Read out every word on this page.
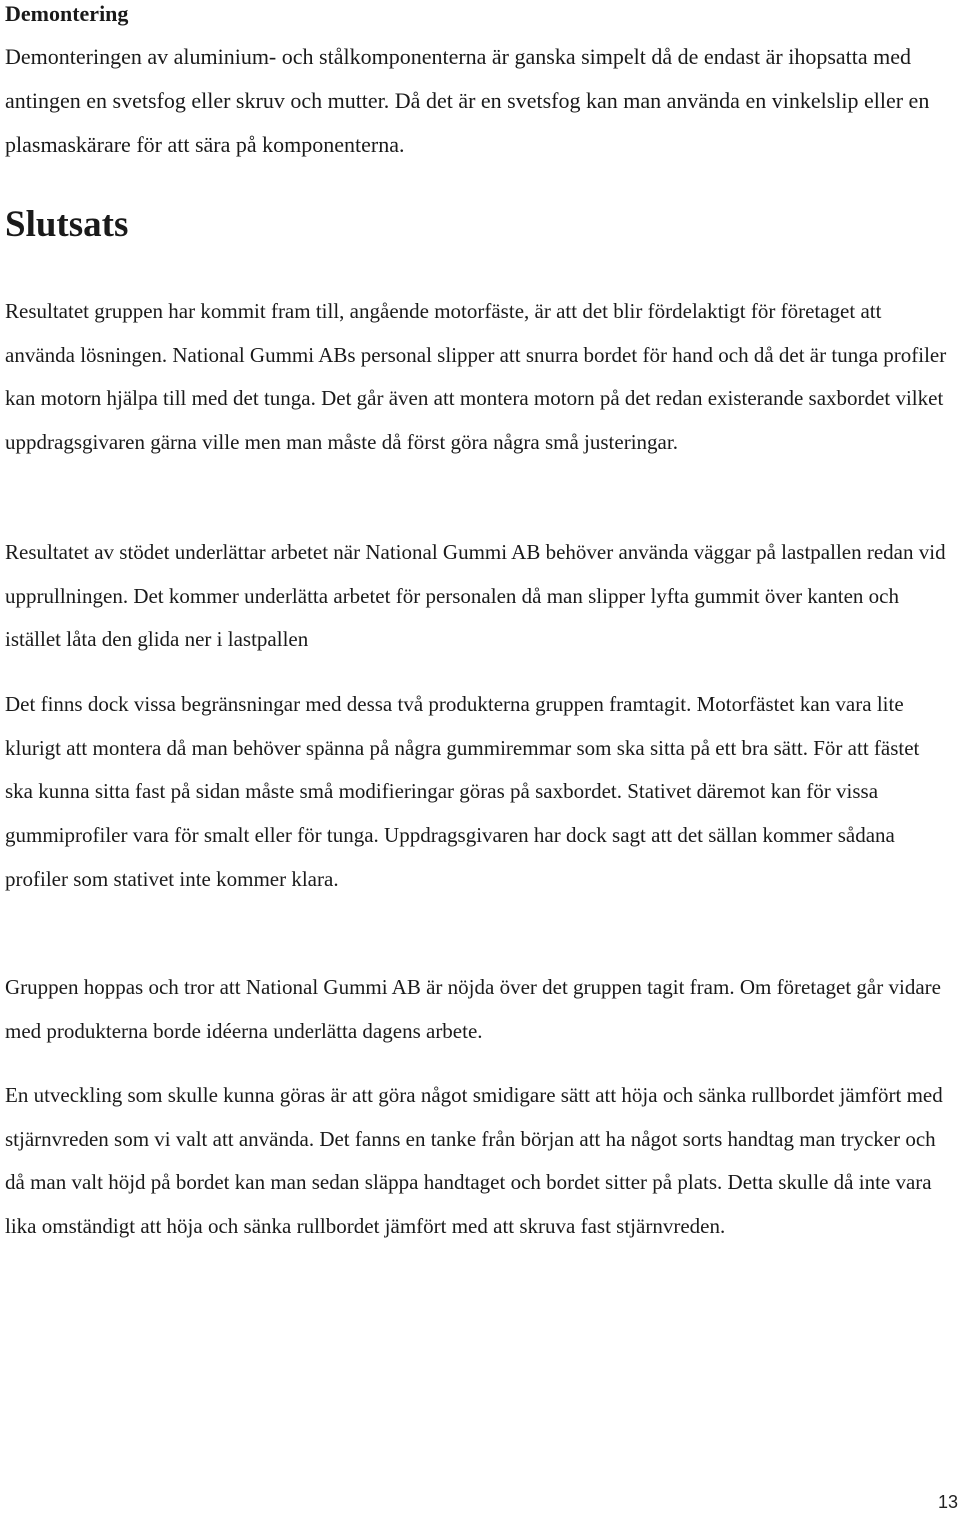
Demontering

Demonteringen av aluminium- och stålkomponenterna är ganska simpelt då de endast är ihopsatta med antingen en svetsfog eller skruv och mutter. Då det är en svetsfog kan man använda en vinkelslip eller en plasmaskärare för att sära på komponenterna.

Slutsats

Resultatet gruppen har kommit fram till, angående motorfäste, är att det blir fördelaktigt för företaget att använda lösningen. National Gummi ABs personal slipper att snurra bordet för hand och då det är tunga profiler kan motorn hjälpa till med det tunga. Det går även att montera motorn på det redan existerande saxbordet vilket uppdragsgivaren gärna ville men man måste då först göra några små justeringar.

Resultatet av stödet underlättar arbetet när National Gummi AB behöver använda väggar på lastpallen redan vid upprullningen. Det kommer underlätta arbetet för personalen då man slipper lyfta gummit över kanten och istället låta den glida ner i lastpallen

Det finns dock vissa begränsningar med dessa två produkterna gruppen framtagit. Motorfästet kan vara lite klurigt att montera då man behöver spänna på några gummiremmar som ska sitta på ett bra sätt. För att fästet ska kunna sitta fast på sidan måste små modifieringar göras på saxbordet. Stativet däremot kan för vissa gummiprofiler vara för smalt eller för tunga. Uppdragsgivaren har dock sagt att det sällan kommer sådana profiler som stativet inte kommer klara.

Gruppen hoppas och tror att National Gummi AB är nöjda över det gruppen tagit fram. Om företaget går vidare med produkterna borde idéerna underlätta dagens arbete.

En utveckling som skulle kunna göras är att göra något smidigare sätt att höja och sänka rullbordet jämfört med stjärnvreden som vi valt att använda. Det fanns en tanke från början att ha något sorts handtag man trycker och då man valt höjd på bordet kan man sedan släppa handtaget och bordet sitter på plats. Detta skulle då inte vara lika omständigt att höja och sänka rullbordet jämfört med att skruva fast stjärnvreden.

13
